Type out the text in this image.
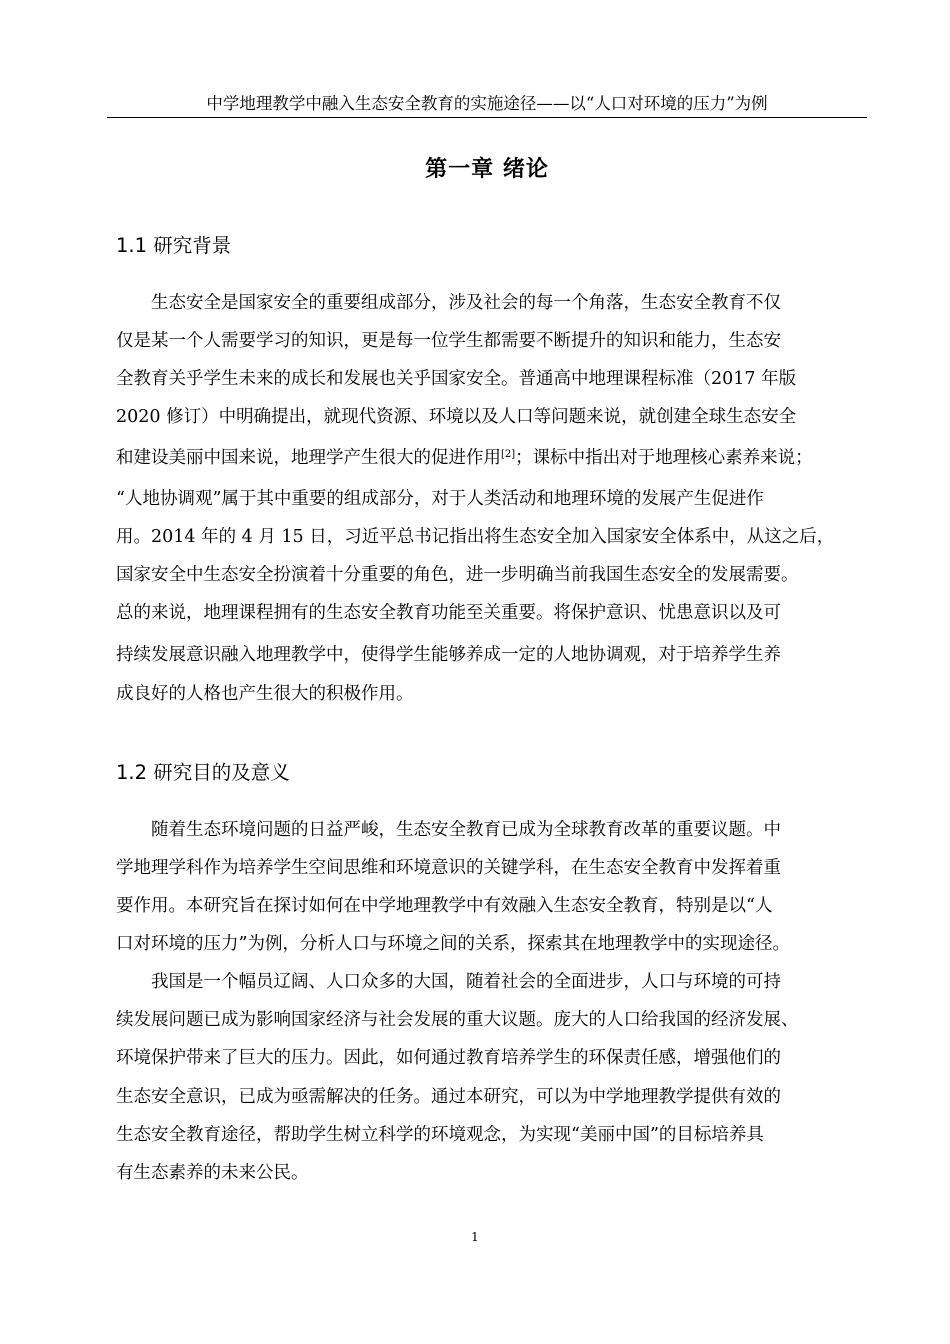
中学地理教学中融入生态安全教育的实施途径——以“人口对环境的压力”为例
第一章 绪论
1.1 研究背景
生态安全是国家安全的重要组成部分，涉及社会的每一个角落，生态安全教育不仅
仅是某一个人需要学习的知识，更是每一位学生都需要不断提升的知识和能力，生态安
全教育关乎学生未来的成长和发展也关乎国家安全。普通高中地理课程标准（2017 年版
2020 修订）中明确提出，就现代资源、环境以及人口等问题来说，就创建全球生态安全
和建设美丽中国来说，地理学产生很大的促进作用[2]；课标中指出对于地理核心素养来说；
“人地协调观”属于其中重要的组成部分，对于人类活动和地理环境的发展产生促进作
用。2014 年的 4 月 15 日，习近平总书记指出将生态安全加入国家安全体系中，从这之后，
国家安全中生态安全扮演着十分重要的角色，进一步明确当前我国生态安全的发展需要。
总的来说，地理课程拥有的生态安全教育功能至关重要。将保护意识、忧患意识以及可
持续发展意识融入地理教学中，使得学生能够养成一定的人地协调观，对于培养学生养
成良好的人格也产生很大的积极作用。
1.2 研究目的及意义
随着生态环境问题的日益严峻，生态安全教育已成为全球教育改革的重要议题。中
学地理学科作为培养学生空间思维和环境意识的关键学科，在生态安全教育中发挥着重
要作用。本研究旨在探讨如何在中学地理教学中有效融入生态安全教育，特别是以“人
口对环境的压力”为例，分析人口与环境之间的关系，探索其在地理教学中的实现途径。
我国是一个幅员辽阔、人口众多的大国，随着社会的全面进步，人口与环境的可持
续发展问题已成为影响国家经济与社会发展的重大议题。庞大的人口给我国的经济发展、
环境保护带来了巨大的压力。因此，如何通过教育培养学生的环保责任感，增强他们的
生态安全意识，已成为亟需解决的任务。通过本研究，可以为中学地理教学提供有效的
生态安全教育途径，帮助学生树立科学的环境观念，为实现“美丽中国”的目标培养具
有生态素养的未来公民。
1
